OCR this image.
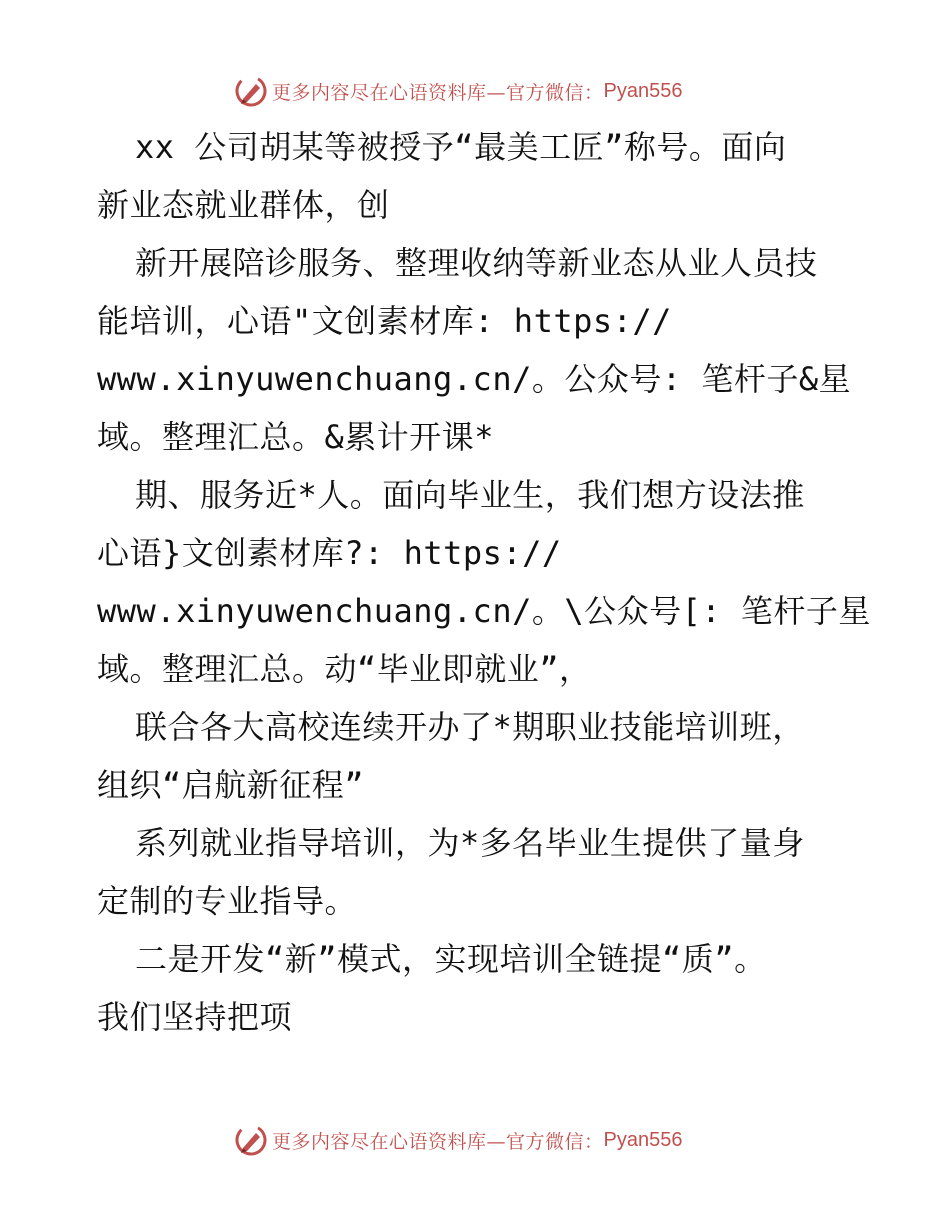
更多内容尽在心语资料库—官方微信： Pyan556
xx 公司胡某等被授予“最美工匠”称号。面向
新业态就业群体，创
新开展陪诊服务、整理收纳等新业态从业人员技
能培训，心语"文创素材库: https://
www.xinyuwenchuang.cn/。公众号: 笔杆子&星
域。整理汇总。&累计开课*
期、服务近*人。面向毕业生，我们想方设法推
心语}文创素材库?: https://
www.xinyuwenchuang.cn/。\公众号[: 笔杆子星
域。整理汇总。动“毕业即就业”，
联合各大高校连续开办了*期职业技能培训班，
组织“启航新征程”
系列就业指导培训，为*多名毕业生提供了量身
定制的专业指导。
二是开发“新”模式，实现培训全链提“质”。
我们坚持把项
更多内容尽在心语资料库—官方微信： Pyan556
